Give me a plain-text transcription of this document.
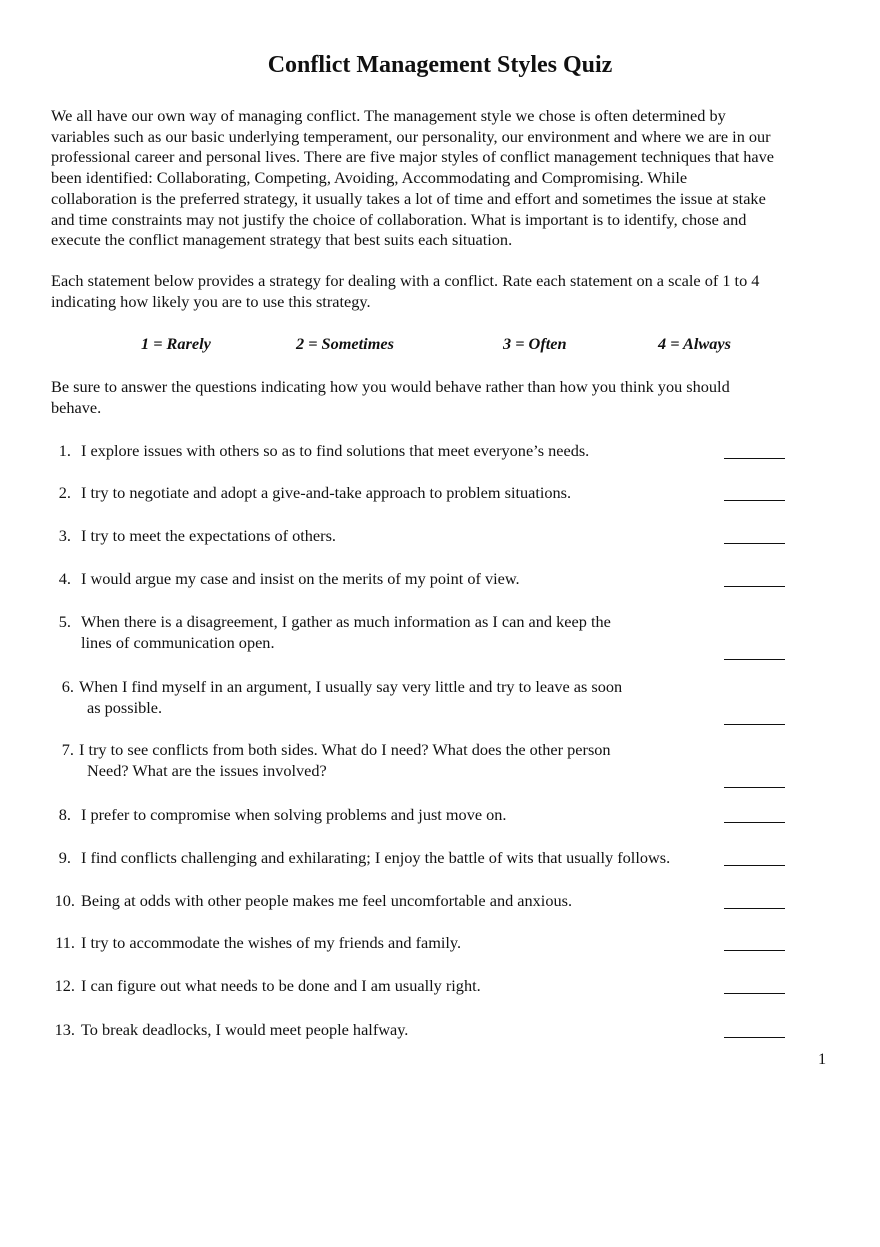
Conflict Management Styles Quiz
We all have our own way of managing conflict. The management style we chose is often determined by
variables such as our basic underlying temperament, our personality, our environment and where we are in our
professional career and personal lives. There are five major styles of conflict management techniques that have
been identified: Collaborating, Competing, Avoiding, Accommodating and Compromising. While
collaboration is the preferred strategy, it usually takes a lot of time and effort and sometimes the issue at stake
and time constraints may not justify the choice of collaboration. What is important is to identify, chose and
execute the conflict management strategy that best suits each situation.
Each statement below provides a strategy for dealing with a conflict. Rate each statement on a scale of 1 to 4
indicating how likely you are to use this strategy.
1 = Rarely	2 = Sometimes	3 = Often	4 = Always
Be sure to answer the questions indicating how you would behave rather than how you think you should
behave.
1. I explore issues with others so as to find solutions that meet everyone’s needs.
2. I try to negotiate and adopt a give-and-take approach to problem situations.
3. I try to meet the expectations of others.
4. I would argue my case and insist on the merits of my point of view.
5. When there is a disagreement, I gather as much information as I can and keep the
lines of communication open.
6. When I find myself in an argument, I usually say very little and try to leave as soon
as possible.
7. I try to see conflicts from both sides. What do I need? What does the other person
Need? What are the issues involved?
8. I prefer to compromise when solving problems and just move on.
9. I find conflicts challenging and exhilarating; I enjoy the battle of wits that usually follows.
10. Being at odds with other people makes me feel uncomfortable and anxious.
11. I try to accommodate the wishes of my friends and family.
12. I can figure out what needs to be done and I am usually right.
13. To break deadlocks, I would meet people halfway.
1
